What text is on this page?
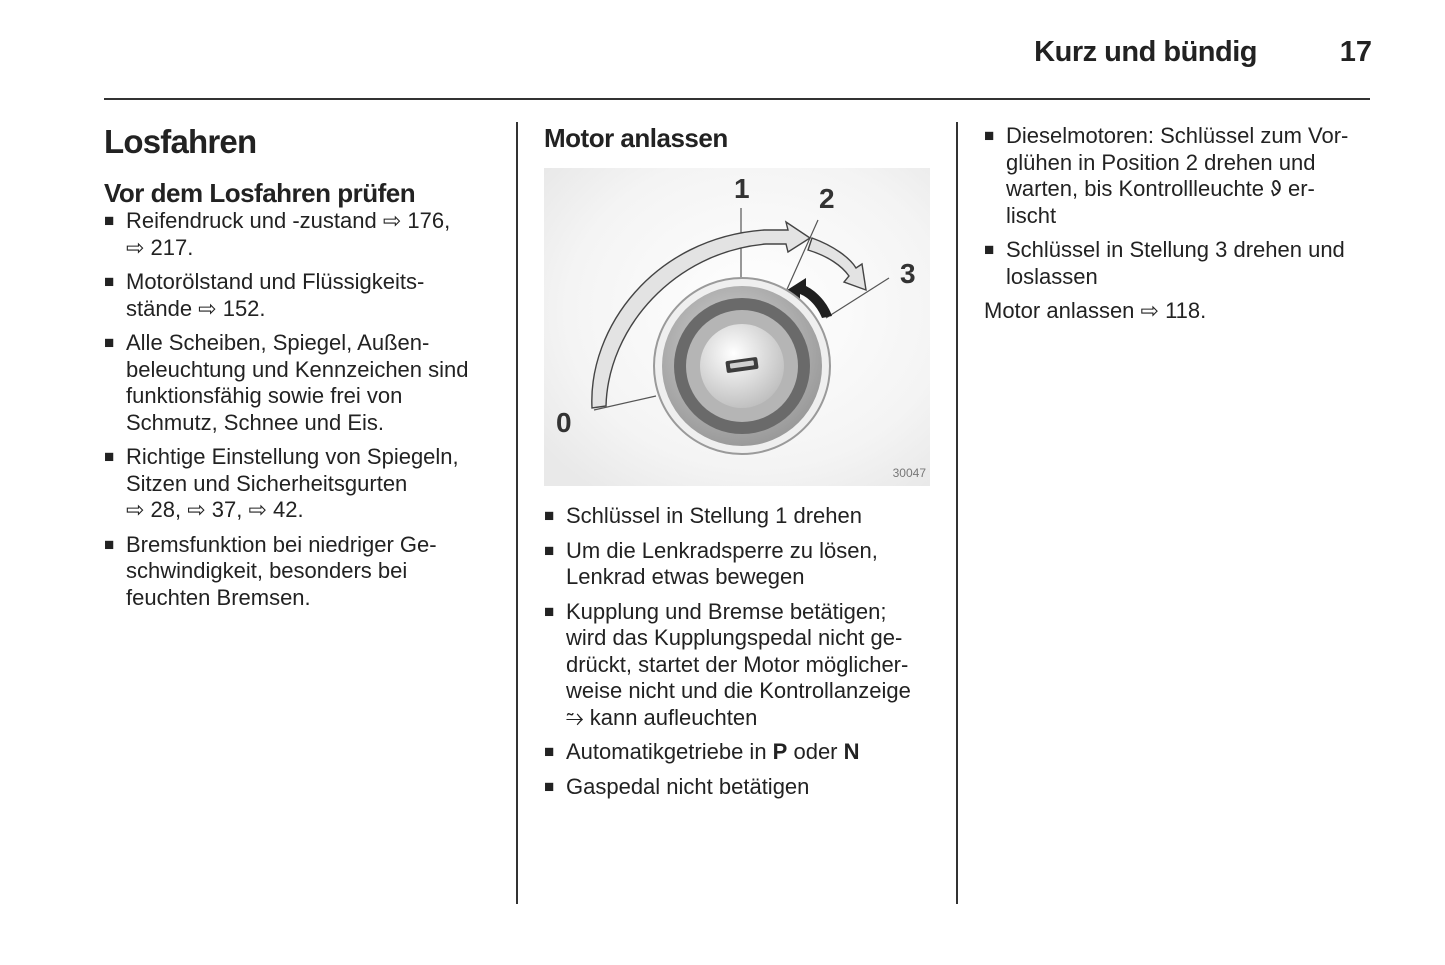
Kurz und bündig	17
Losfahren
Vor dem Losfahren prüfen
■ Reifendruck und -zustand ⇨ 176,
⇨ 217.
■ Motorölstand und Flüssigkeits-
stände ⇨ 152.
■ Alle Scheiben, Spiegel, Außen-
beleuchtung und Kennzeichen sind
funktionsfähig sowie frei von
Schmutz, Schnee und Eis.
■ Richtige Einstellung von Spiegeln,
Sitzen und Sicherheitsgurten
⇨ 28, ⇨ 37, ⇨ 42.
■ Bremsfunktion bei niedriger Ge-
schwindigkeit, besonders bei
feuchten Bremsen.
Motor anlassen
1 2
3
0
30047
■ Schlüssel in Stellung 1 drehen
■ Um die Lenkradsperre zu lösen,
Lenkrad etwas bewegen
■ Kupplung und Bremse betätigen;
wird das Kupplungspedal nicht ge-
drückt, startet der Motor möglicher-
weise nicht und die Kontrollanzeige
⥲ kann aufleuchten
■ Automatikgetriebe in P oder N
■ Gaspedal nicht betätigen
■ Dieselmotoren: Schlüssel zum Vor-
glühen in Position 2 drehen und
warten, bis Kontrollleuchte ᱽ er-
lischt
■ Schlüssel in Stellung 3 drehen und
loslassen
Motor anlassen ⇨ 118.
